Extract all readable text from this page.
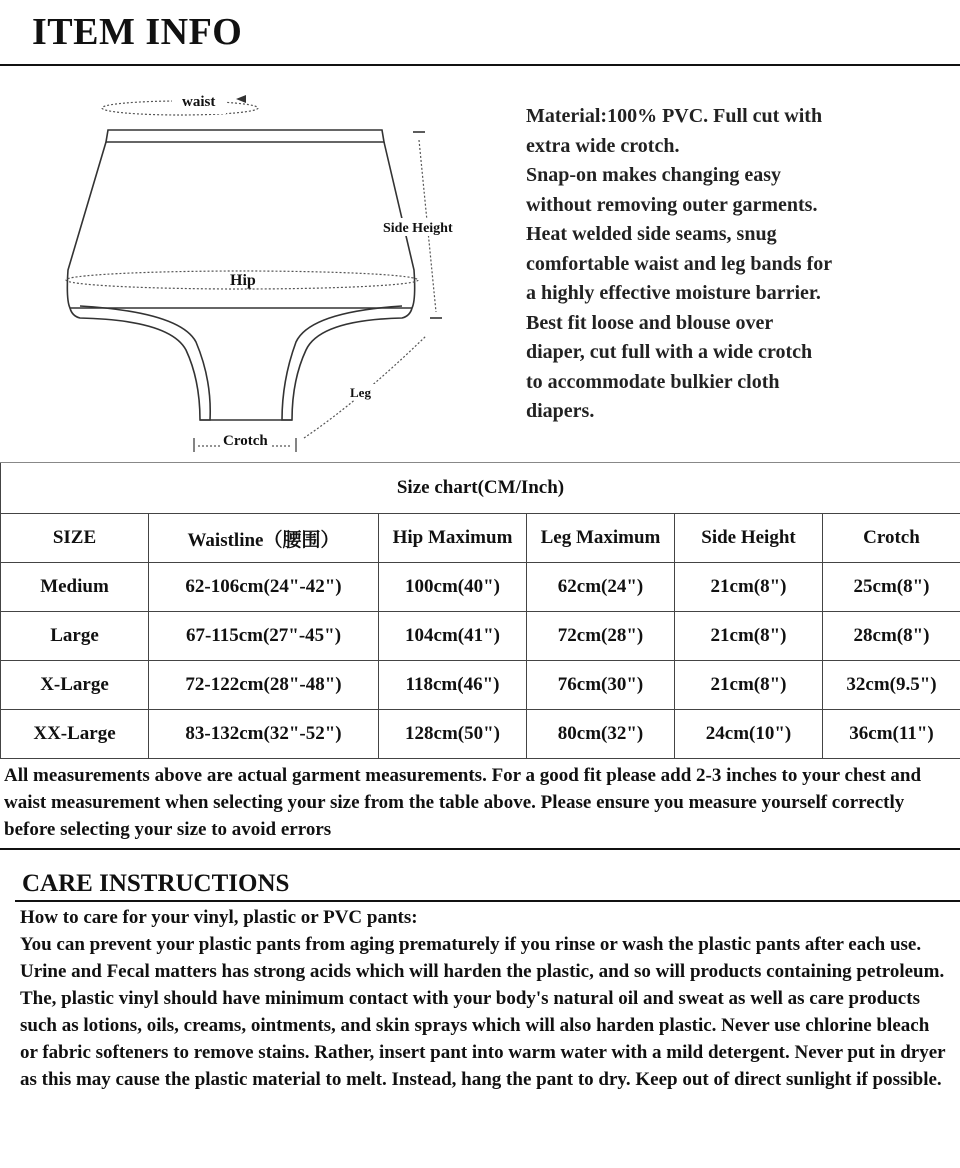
ITEM INFO
waist
Hip
Side Height
Leg
Crotch

Material:100% PVC. Full cut with

extra wide crotch.

Snap-on makes changing easy

without removing outer garments.

Heat welded side seams, snug

comfortable waist and leg bands for

a highly effective moisture barrier.

Best fit loose and blouse over

diaper, cut full with a wide crotch

to accommodate bulkier cloth

diapers.

Size chart(CM/Inch)					
SIZE	Waistline（腰围）	Hip Maximum	Leg Maximum	Side Height	Crotch
Medium	62-106cm(24"-42")	100cm(40")	62cm(24")	21cm(8")	25cm(8")
Large	67-115cm(27"-45")	104cm(41")	72cm(28")	21cm(8")	28cm(8")
X-Large	72-122cm(28"-48")	118cm(46")	76cm(30")	21cm(8")	32cm(9.5")
XX-Large	83-132cm(32"-52")	128cm(50")	80cm(32")	24cm(10")	36cm(11")
All measurements above are actual garment measurements. For a good fit please add 2-3 inches to your chest and waist measurement when selecting your size from the table above. Please ensure you measure yourself correctly before selecting your size to avoid errors
CARE INSTRUCTIONS

How to care for your vinyl, plastic or PVC pants:

You can prevent your plastic pants from aging prematurely if you rinse or wash the plastic pants after each use. Urine and Fecal matters has strong acids which will harden the plastic, and so will products containing petroleum. The, plastic vinyl should have minimum contact with your body's natural oil and sweat as well as care products such as lotions, oils, creams, ointments, and skin sprays which will also harden plastic. Never use chlorine bleach or fabric softeners to remove stains. Rather, insert pant into warm water with a mild detergent. Never put in dryer as this may cause the plastic material to melt. Instead, hang the pant to dry. Keep out of direct sunlight if possible.
